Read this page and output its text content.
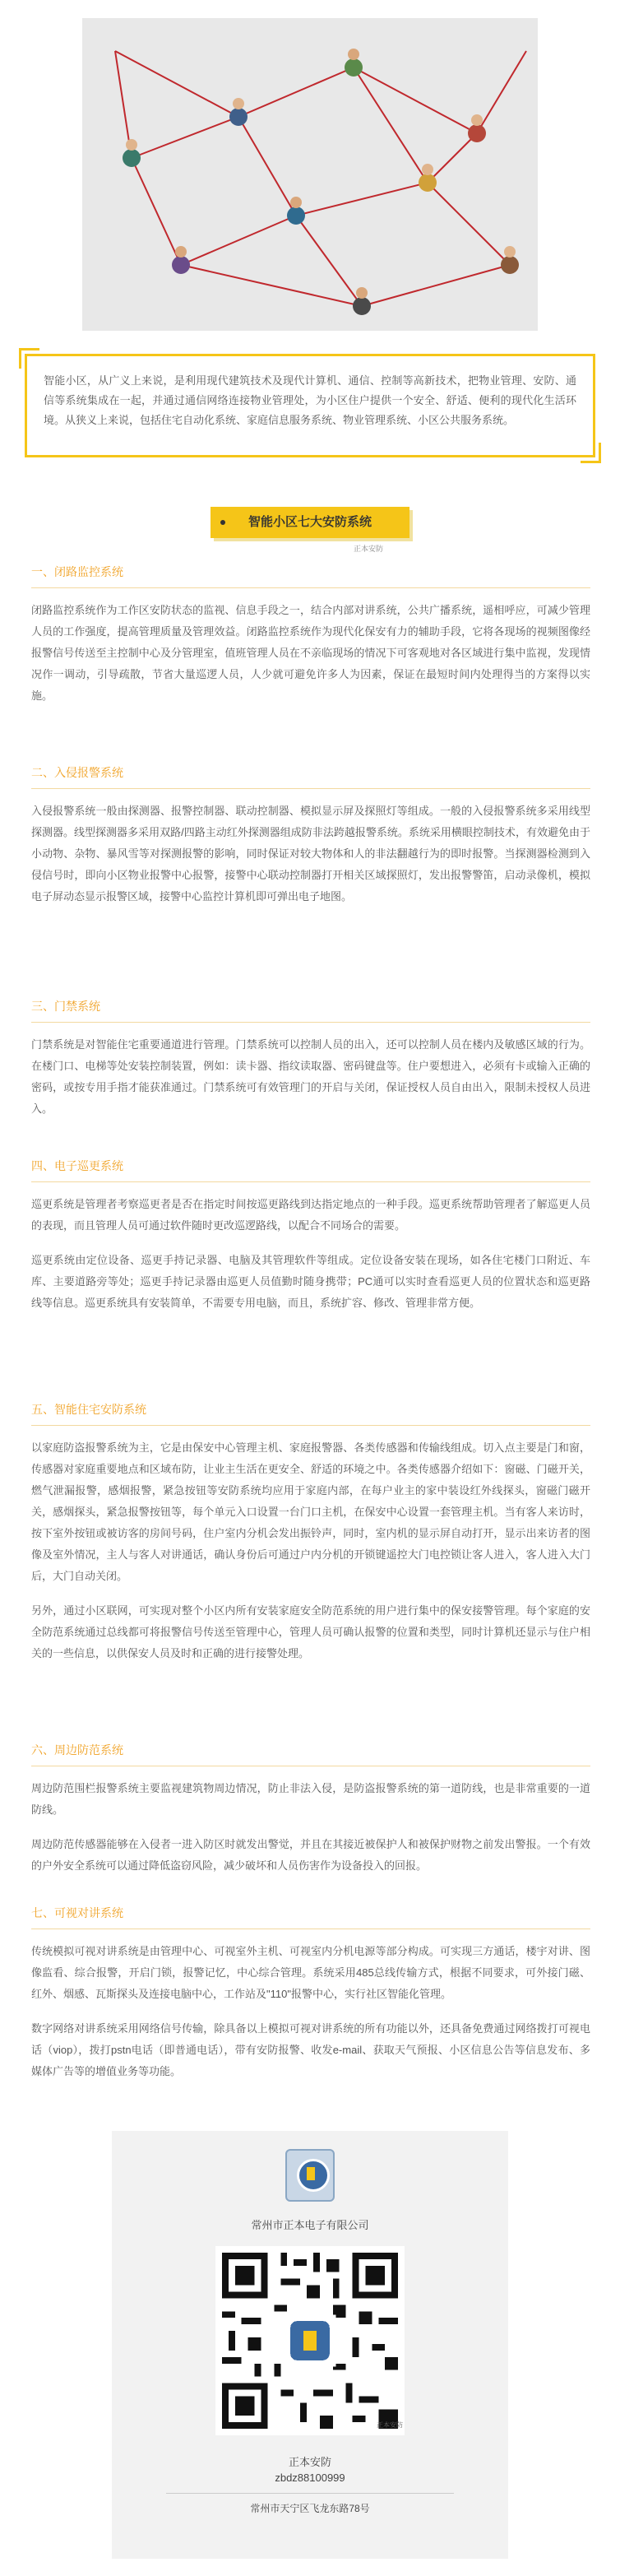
智能小区，从广义上来说，是利用现代建筑技术及现代计算机、通信、控制等高新技术，把物业管理、安防、通信等系统集成在一起，并通过通信网络连接物业管理处，为小区住户提供一个安全、舒适、便利的现代化生活环境。从狭义上来说，包括住宅自动化系统、家庭信息服务系统、物业管理系统、小区公共服务系统。

智能小区七大安防系统
正本安防
一、闭路监控系统

闭路监控系统作为工作区安防状态的监视、信息手段之一，结合内部对讲系统，公共广播系统，遥相呼应，可减少管理人员的工作强度，提高管理质量及管理效益。闭路监控系统作为现代化保安有力的辅助手段，它将各现场的视频图像经报警信号传送至主控制中心及分管理室，值班管理人员在不亲临现场的情况下可客观地对各区域进行集中监视，发现情况作一调动，引导疏散，节省大量巡逻人员，人少就可避免许多人为因素，保证在最短时间内处理得当的方案得以实施。

二、入侵报警系统

入侵报警系统一般由探测器、报警控制器、联动控制器、模拟显示屏及探照灯等组成。一般的入侵报警系统多采用线型探测器。线型探测器多采用双路/四路主动红外探测器组成防非法跨越报警系统。系统采用横眼控制技术，有效避免由于小动物、杂物、暴风雪等对探测报警的影响，同时保证对较大物体和人的非法翻越行为的即时报警。当探测器检测到入侵信号时，即向小区物业报警中心报警，接警中心联动控制器打开相关区域探照灯，发出报警警笛，启动录像机，模拟电子屏动态显示报警区域，接警中心监控计算机即可弹出电子地图。

三、门禁系统

门禁系统是对智能住宅重要通道进行管理。门禁系统可以控制人员的出入，还可以控制人员在楼内及敏感区域的行为。在楼门口、电梯等处安装控制装置，例如：读卡器、指纹读取器、密码键盘等。住户要想进入，必须有卡或输入正确的密码，或按专用手指才能获准通过。门禁系统可有效管理门的开启与关闭，保证授权人员自由出入，限制未授权人员进入。

四、电子巡更系统

巡更系统是管理者考察巡更者是否在指定时间按巡更路线到达指定地点的一种手段。巡更系统帮助管理者了解巡更人员的表现，而且管理人员可通过软件随时更改巡逻路线，以配合不同场合的需要。

巡更系统由定位设备、巡更手持记录器、电脑及其管理软件等组成。定位设备安装在现场，如各住宅楼门口附近、车库、主要道路旁等处；巡更手持记录器由巡更人员值勤时随身携带；PC通可以实时查看巡更人员的位置状态和巡更路线等信息。巡更系统具有安装简单，不需要专用电脑，而且，系统扩容、修改、管理非常方便。

五、智能住宅安防系统

以家庭防盗报警系统为主，它是由保安中心管理主机、家庭报警器、各类传感器和传输线组成。切入点主要是门和窗，传感器对家庭重要地点和区域布防，让业主生活在更安全、舒适的环境之中。各类传感器介绍如下：窗磁、门磁开关，燃气泄漏报警，感烟报警，紧急按钮等安防系统均应用于家庭内部，在每户业主的家中装设红外线探头，窗磁门磁开关，感烟探头，紧急报警按钮等，每个单元入口设置一台门口主机，在保安中心设置一套管理主机。当有客人来访时，按下室外按钮或被访客的房间号码，住户室内分机会发出振铃声，同时，室内机的显示屏自动打开，显示出来访者的图像及室外情况，主人与客人对讲通话，确认身份后可通过户内分机的开锁键遥控大门电控锁让客人进入，客人进入大门后，大门自动关闭。

另外，通过小区联网，可实现对整个小区内所有安装家庭安全防范系统的用户进行集中的保安接警管理。每个家庭的安全防范系统通过总线都可将报警信号传送至管理中心，管理人员可确认报警的位置和类型，同时计算机还显示与住户相关的一些信息，以供保安人员及时和正确的进行接警处理。

六、周边防范系统

周边防范围栏报警系统主要监视建筑物周边情况，防止非法入侵，是防盗报警系统的第一道防线，也是非常重要的一道防线。

周边防范传感器能够在入侵者一进入防区时就发出警觉，并且在其接近被保护人和被保护财物之前发出警报。一个有效的户外安全系统可以通过降低盗窃风险，减少破坏和人员伤害作为设备投入的回报。

七、可视对讲系统

传统模拟可视对讲系统是由管理中心、可视室外主机、可视室内分机电源等部分构成。可实现三方通话，楼宇对讲、图像监看、综合报警，开启门锁，报警记忆，中心综合管理。系统采用485总线传输方式，根据不同要求，可外接门磁、红外、烟感、瓦斯探头及连接电脑中心，工作站及"110"报警中心，实行社区智能化管理。

数字网络对讲系统采用网络信号传输，除具备以上模拟可视对讲系统的所有功能以外，还具备免费通过网络拨打可视电话（viop），拨打pstn电话（即普通电话），带有安防报警、收发e-mail、获取天气预报、小区信息公告等信息发布、多媒体广告等的增值业务等功能。

常州市正本电子有限公司
正本安防
正本安防
zbdz88100999
常州市天宁区飞龙东路78号
